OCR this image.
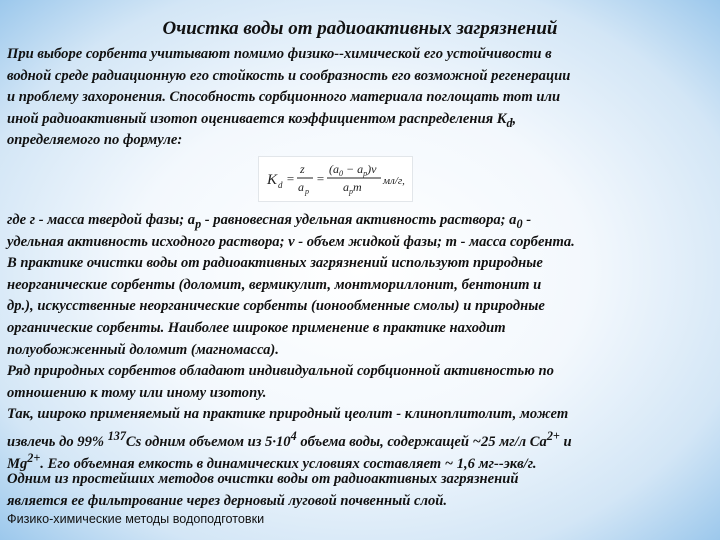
Очистка воды от радиоактивных загрязнений
При выборе сорбента учитывают помимо физико--химической его устойчивости в
водной среде радиационную его стойкость и сообразность его возможной регенерации
и проблему захоронения. Способность сорбционного материала поглощать тот или
иной радиоактивный изотоп оценивается коэффициентом распределения $K_d$,
определяемого по формуле:
K d =
z
a p
=
$(a_0 - a_p)v$
$a_pm$ мл/г,
где г - масса твердой фазы; $а_р$ - равновесная удельная активность раствора; $а_0$ -
удельная активность исходного раствора; v - объем жидкой фазы; m - масса сорбента.
В практике очистки воды от радиоактивных загрязнений используют природные
неорганические сорбенты (доломит, вермикулит, монтмориллонит, бентонит и
др.), искусственные неорганические сорбенты (ионообменные смолы) и природные
органические сорбенты. Наиболее широкое применение в практике находит
полуобожженный доломит (магномасса).
Ряд природных сорбентов обладают индивидуальной сорбционной активностью по
отношению к тому или иному изотопу.
Так, широко применяемый на практике природный цеолит - клиноплитолит, может
извлечь до 99% $^{137}$Cs одним объемом из $5\cdot 10^4$ объема воды, содержащей ~25 мг/л $Ca^{2+}$ и
$Mg^{2+}$. Его объемная емкость в динамических условиях составляет ~ 1,6 мг--экв/г.
Одним из простейших методов очистки воды от радиоактивных загрязнений
является ее фильтрование через дерновый луговой почвенный слой.
Физико-химические методы водоподготовки
